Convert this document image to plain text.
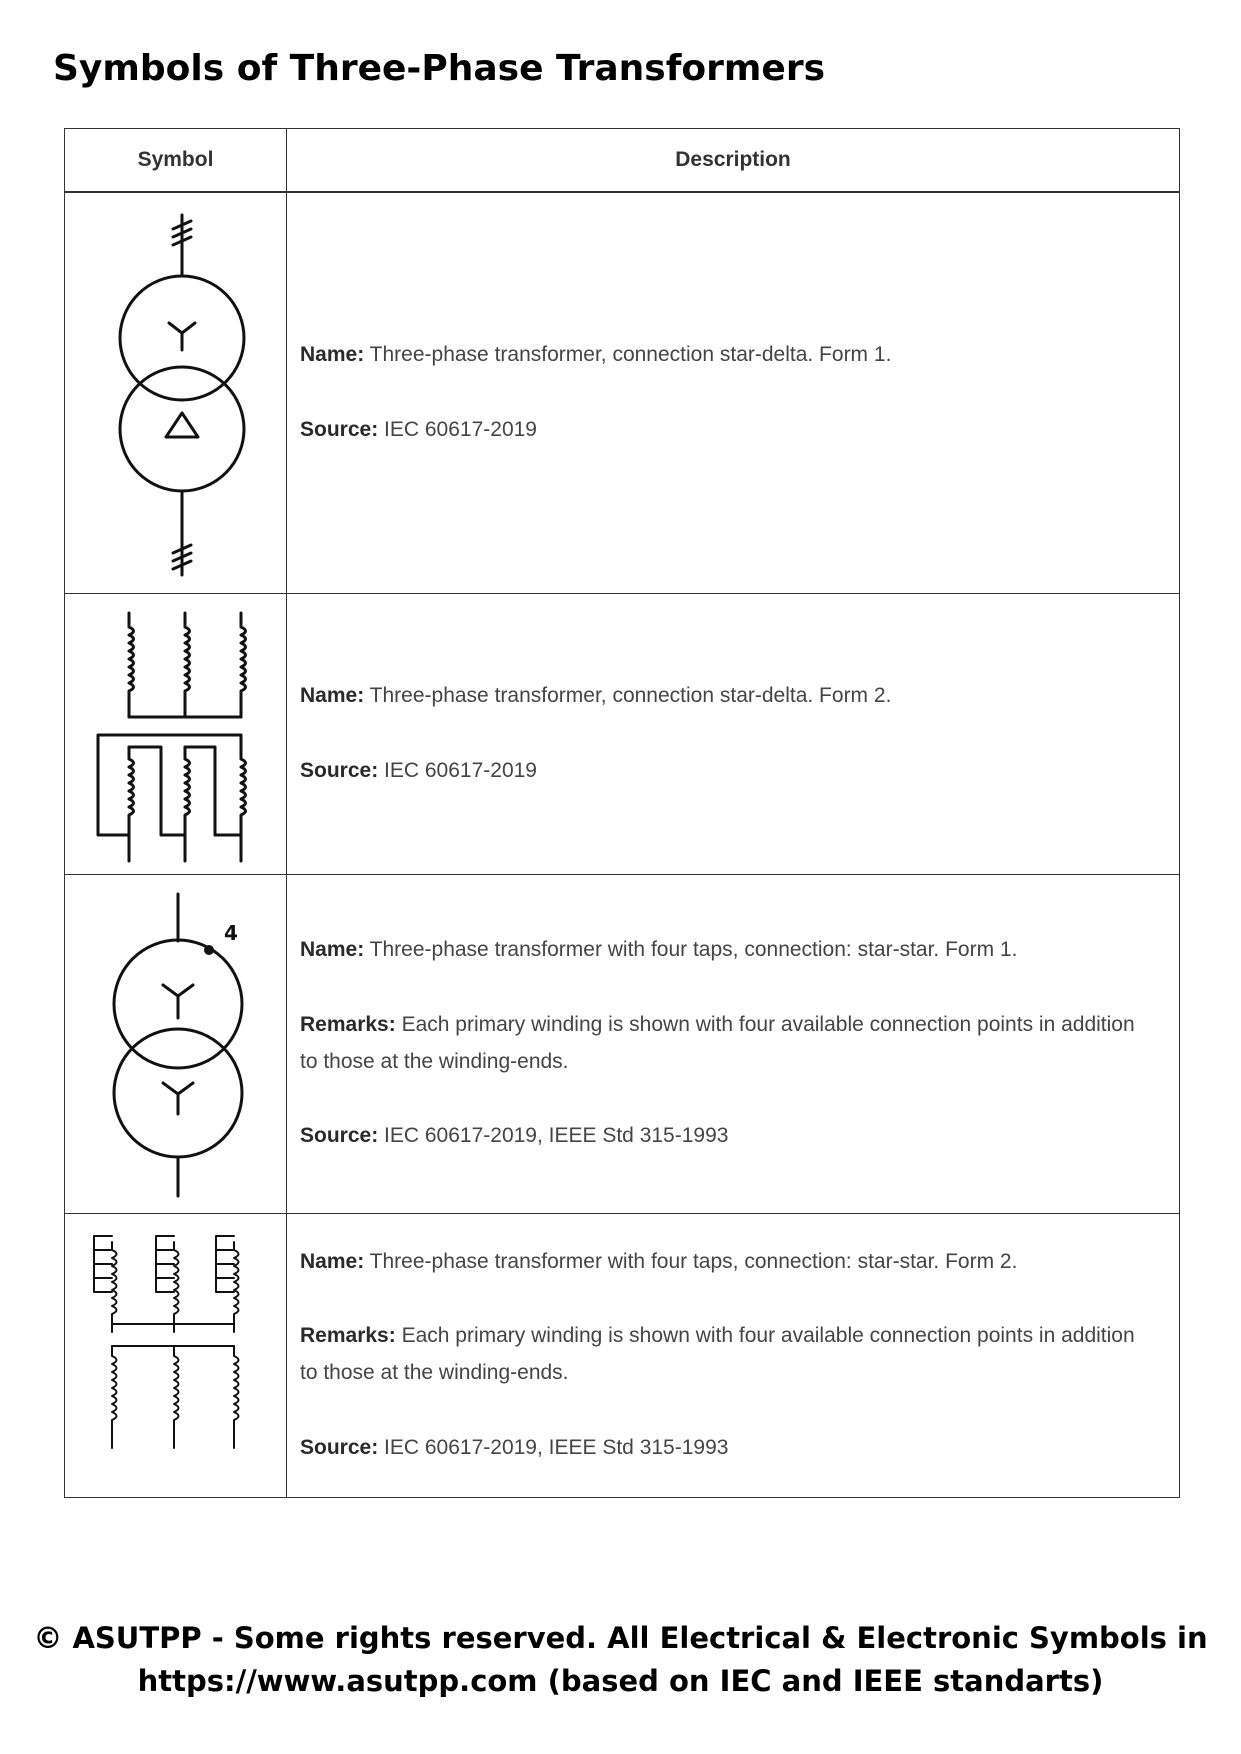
Symbols of Three-Phase Transformers
Symbol	Description

Name: Three-phase transformer, connection star-delta. Form 1.

Source: IEC 60617-2019

Name: Three-phase transformer, connection star-delta. Form 2.

Source: IEC 60617-2019

4	Name: Three-phase transformer with four taps, connection: star-star. Form 1.

Remarks: Each primary winding is shown with four available connection points in addition to those at the winding-ends.

Source: IEC 60617-2019, IEEE Std 315-1993

Name: Three-phase transformer with four taps, connection: star-star. Form 2.

Remarks: Each primary winding is shown with four available connection points in addition to those at the winding-ends.

Source: IEC 60617-2019, IEEE Std 315-1993

© ASUTPP - Some rights reserved. All Electrical & Electronic Symbols in
https://www.asutpp.com (based on IEC and IEEE standarts)
